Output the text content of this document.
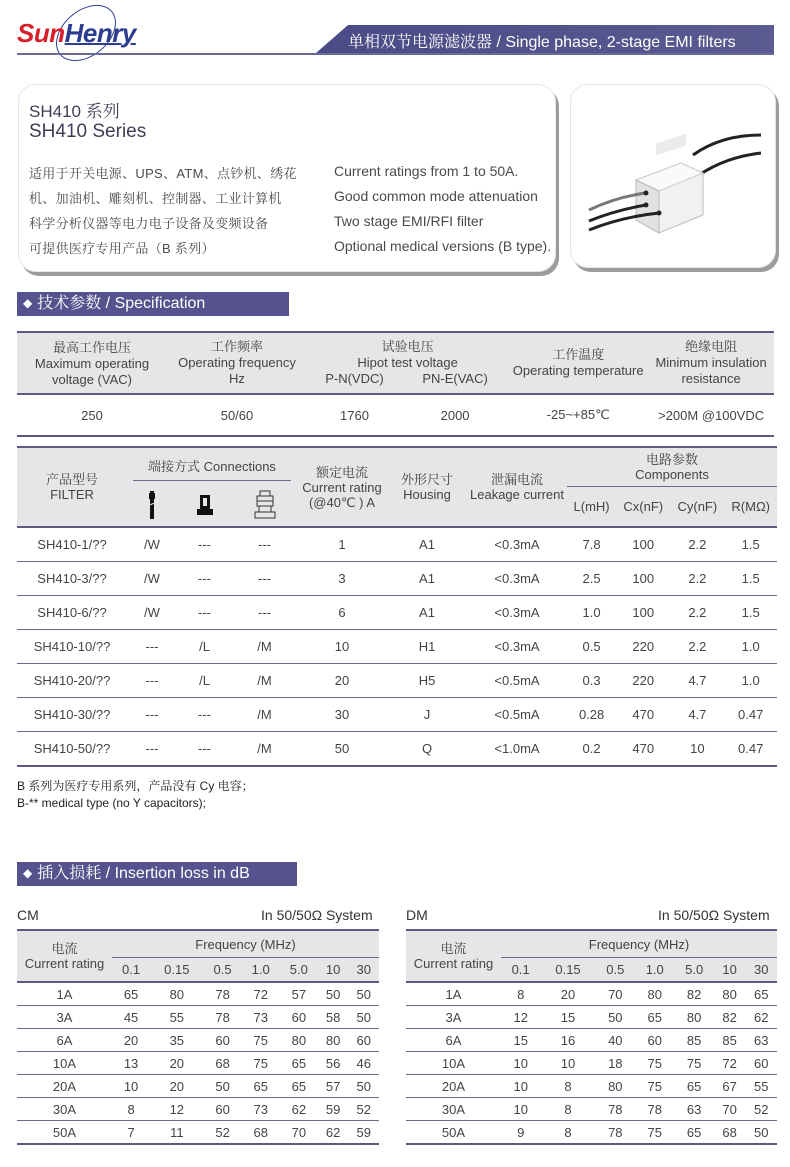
SunHenry	单相双节电源滤波器 / Single phase, 2-stage EMI filters
SH410 系列
SH410 Series
适用于开关电源、UPS、ATM、点钞机、绣花
机、加油机、雕刻机、控制器、工业计算机
科学分析仪器等电力电子设备及变频设备
可提供医疗专用产品（B 系列）
Current ratings from 1 to 50A.
Good common mode attenuation
Two stage EMI/RFI filter
Optional medical versions (B type).
◆ 技术参数 / Specification
最高工作电压
Maximum operating
voltage (VAC)

工作频率
Operating frequency
Hz

试验电压
Hipot test voltage

工作温度
Operating temperature

绝缘电阻
Minimum insulation
resistance

		P-N(VDC)	PN-E(VAC)		
250	50/60	1760	2000	-25~+85℃	>200M @100VDC
产品型号
FILTER

端接方式 Connections	额定电流
Current rating
(@40℃ ) A

外形尺寸
Housing

泄漏电流
Leakage current

电路参数
Components

			L(mH)	Cx(nF)	Cy(nF)	R(MΩ)
SH410-1/??	/W	---	---	1	A1	<0.3mA	7.8	100	2.2	1.5
SH410-3/??	/W	---	---	3	A1	<0.3mA	2.5	100	2.2	1.5
SH410-6/??	/W	---	---	6	A1	<0.3mA	1.0	100	2.2	1.5
SH410-10/??	---	/L	/M	10	H1	<0.3mA	0.5	220	2.2	1.0
SH410-20/??	---	/L	/M	20	H5	<0.5mA	0.3	220	4.7	1.0
SH410-30/??	---	---	/M	30	J	<0.5mA	0.28	470	4.7	0.47
SH410-50/??	---	---	/M	50	Q	<1.0mA	0.2	470	10	0.47
B 系列为医疗专用系列，产品没有 Cy 电容；
B-** medical type (no Y capacitors);
◆ 插入损耗 / Insertion loss in dB
CM	In 50/50Ω System
电流
Current rating	Frequency (MHz)						

	0.1	0.15	0.5	1.0	5.0	10	30
1A	65	80	78	72	57	50	50
3A	45	55	78	73	60	58	50
6A	20	35	60	75	80	80	60
10A	13	20	68	75	65	56	46
20A	10	20	50	65	65	57	50
30A	8	12	60	73	62	59	52
50A	7	11	52	68	70	62	59
DM	In 50/50Ω System
电流
Current rating	Frequency (MHz)						

	0.1	0.15	0.5	1.0	5.0	10	30
1A	8	20	70	80	82	80	65
3A	12	15	50	65	80	82	62
6A	15	16	40	60	85	85	63
10A	10	10	18	75	75	72	60
20A	10	8	80	75	65	67	55
30A	10	8	78	78	63	70	52
50A	9	8	78	75	65	68	50
